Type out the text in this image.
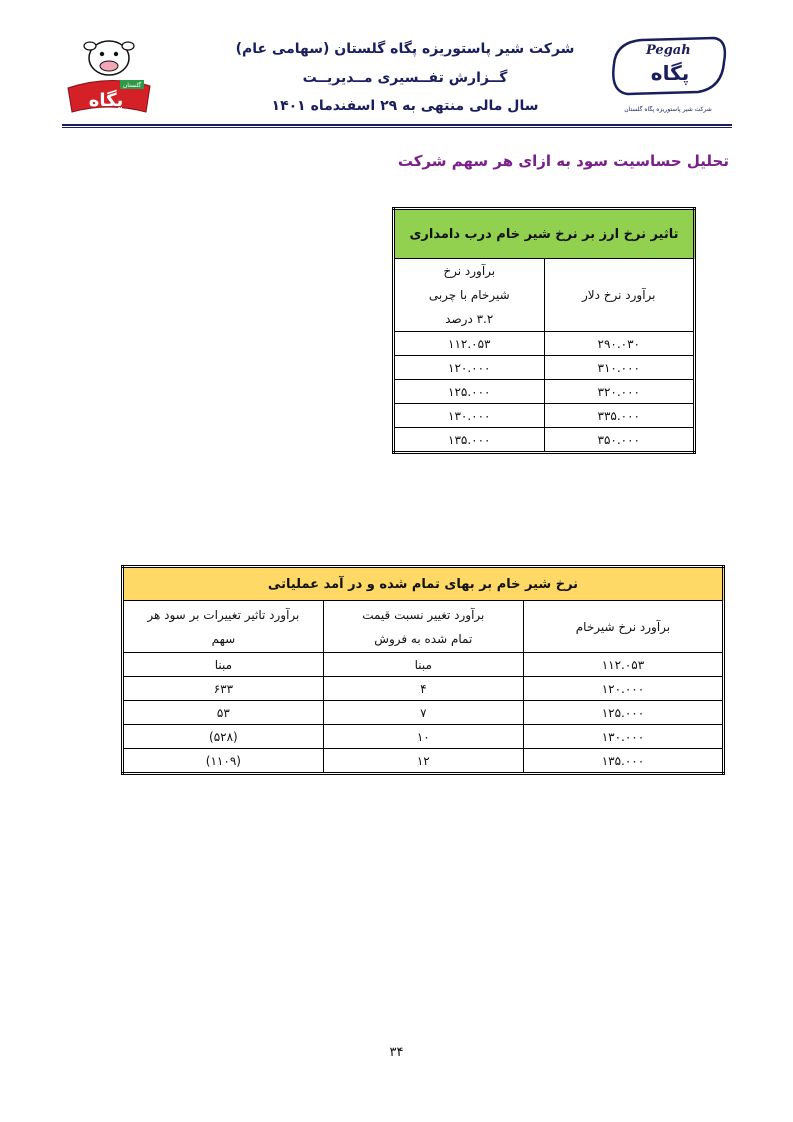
Pegah
پگاه
شرکت شیر پاستوریزه پگاه گلستان
گلستان
پگاه
شرکت شیر پاستوریزه پگاه گلستان (سهامی عام)
گــزارش تفــسیری مــدیریــت
سال مالی منتهی به ۲۹ اسفندماه ۱۴۰۱
تحلیل حساسیت سود به ازای هر سهم شرکت
تاثیر نرخ ارز بر نرخ شیر خام درب دامداری	
برآورد نرخ دلار	برآورد نرخ شیرخام با چربی ۳.۲ درصد
۲۹۰.۰۳۰	۱۱۲.۰۵۳
۳۱۰.۰۰۰	۱۲۰.۰۰۰
۳۲۰.۰۰۰	۱۲۵.۰۰۰
۳۳۵.۰۰۰	۱۳۰.۰۰۰
۳۵۰.۰۰۰	۱۳۵.۰۰۰
نرخ شیر خام بر بهای تمام شده و در آمد عملیاتی		
برآورد نرخ شیرخام	برآورد تغییر نسبت قیمت تمام شده به فروش	برآورد تاثیر تغییرات بر سود هر سهم
۱۱۲.۰۵۳	مبنا	مبنا
۱۲۰.۰۰۰	۴	۶۳۳
۱۲۵.۰۰۰	۷	۵۳
۱۳۰.۰۰۰	۱۰	(۵۲۸)
۱۳۵.۰۰۰	۱۲	(۱۱۰۹)
۳۴
